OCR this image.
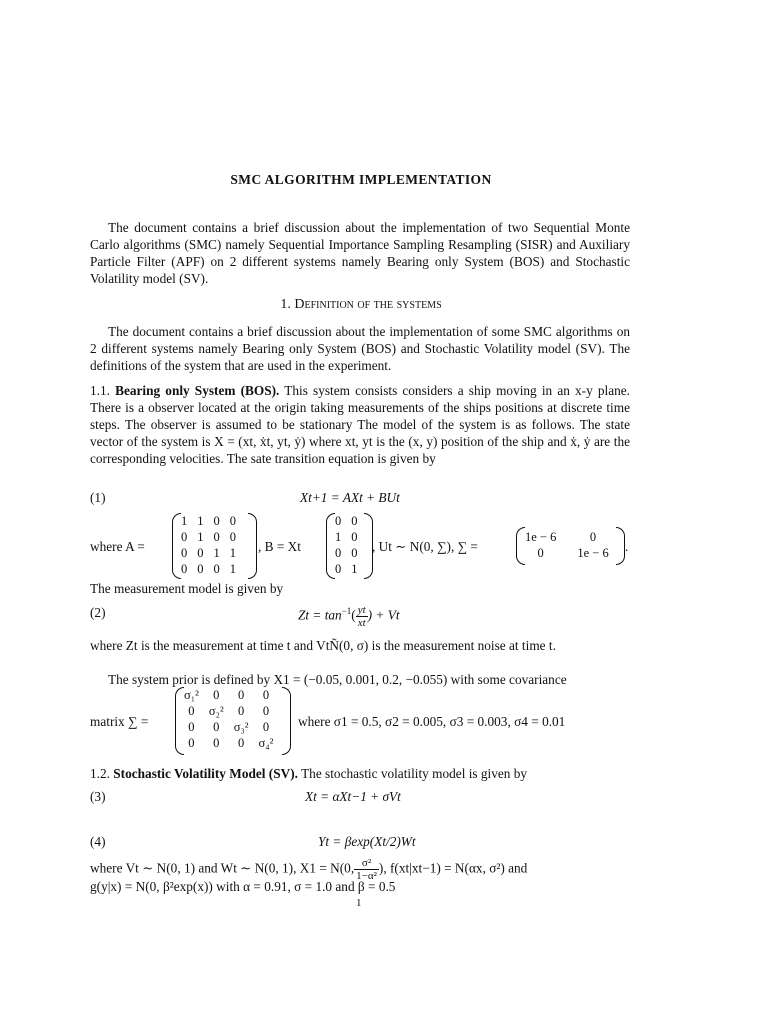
SMC ALGORITHM IMPLEMENTATION
The document contains a brief discussion about the implementation of two Sequential Monte Carlo algorithms (SMC) namely Sequential Importance Sampling Resampling (SISR) and Auxiliary Particle Filter (APF) on 2 different systems namely Bearing only System (BOS) and Stochastic Volatility model (SV).
1. Definition of the systems
The document contains a brief discussion about the implementation of some SMC algorithms on 2 different systems namely Bearing only System (BOS) and Stochastic Volatility model (SV). The definitions of the system that are used in the experiment.
1.1. Bearing only System (BOS). This system consists considers a ship moving in an x-y plane. There is a observer located at the origin taking measurements of the ships positions at discrete time steps. The observer is assumed to be stationary The model of the system is as follows. The state vector of the system is X = (xt, ẋt, yt, ẏ) where xt, yt is the (x, y) position of the ship and ẋ, ẏ are the corresponding velocities. The sate transition equation is given by
(1)	Xt+1 = AXt + BUt
where A =
1	1	0	0
0	1	0	0
0	0	1	1
0	0	0	1
, B = Xt
0	0
1	0
0	0
0	1
, Ut ∼ N(0, ∑), ∑ =
1e − 6	0
0	1e − 6 .
The measurement model is given by
(2)	$Zt = \tan^{-1}( \frac{yt}{xt}$ ) + Vt
where Zt is the measurement at time t and VtÑ(0, σ) is the measurement noise at time t.
The system prior is defined by X1 = (−0.05, 0.001, 0.2, −0.055) with some covariance
matrix ∑ =
σ₁²	0	0	0
0	σ₂²	0	0
0	0	σ₃²	0
0	0	0	σ₄²
where σ1 = 0.5, σ2 = 0.005, σ3 = 0.003, σ4 = 0.01
1.2. Stochastic Volatility Model (SV). The stochastic volatility model is given by
(3)	Xt = αXt−1 + σVt
(4)	Yt = βexp(Xt/2)Wt
where Vt ∼ N(0, 1) and Wt ∼ N(0, 1), X1 = N(0, $\frac{\text{σ²}}{\text{1−α²}}$ ), f(xt|xt−1) = N(αx, σ²) and
g(y|x) = N(0, β²exp(x)) with α = 0.91, σ = 1.0 and β = 0.5
1
